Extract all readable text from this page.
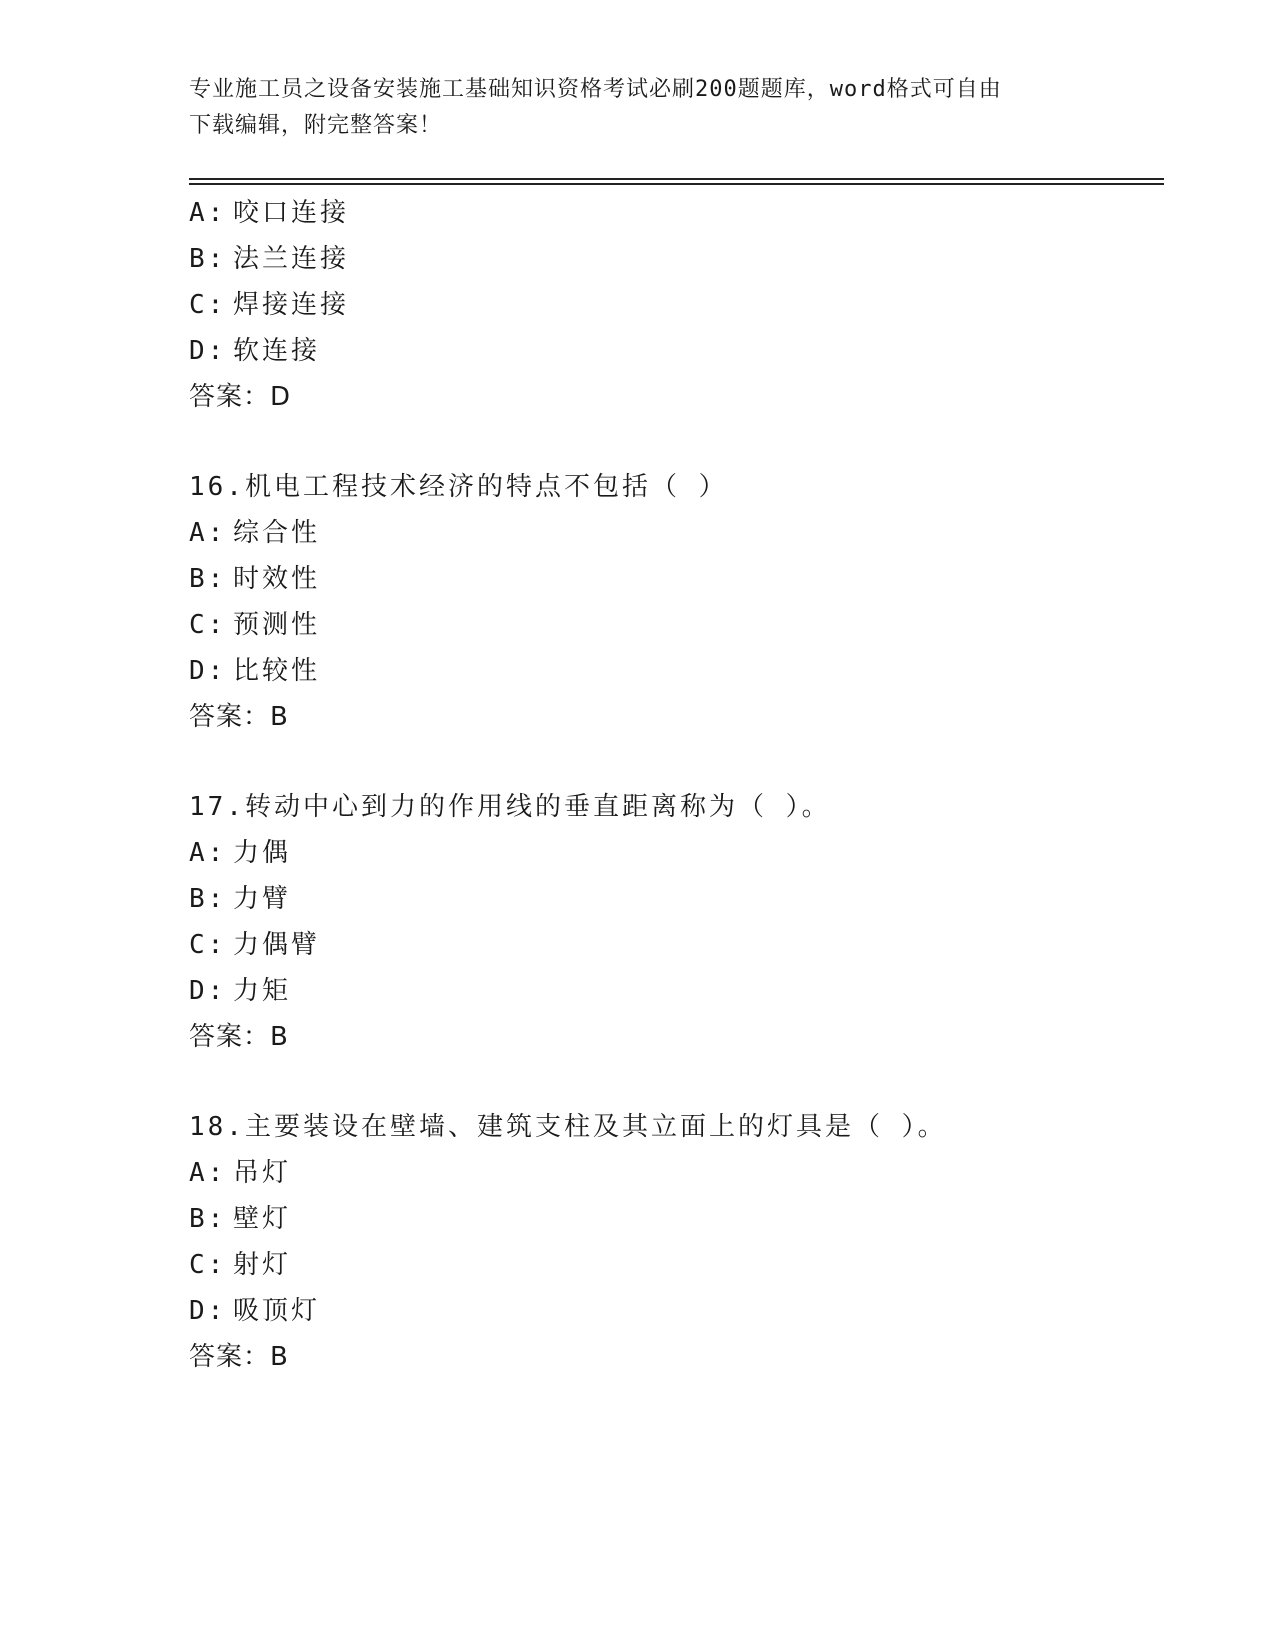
专业施工员之设备安装施工基础知识资格考试必刷200题题库，word格式可自由
下载编辑，附完整答案！
A: 咬口连接
B: 法兰连接
C: 焊接连接
D: 软连接
答案：D
16.机电工程技术经济的特点不包括（ ）
A: 综合性
B: 时效性
C: 预测性
D: 比较性
答案：B
17.转动中心到力的作用线的垂直距离称为（ ）。
A: 力偶
B: 力臂
C: 力偶臂
D: 力矩
答案：B
18.主要装设在壁墙、建筑支柱及其立面上的灯具是（ ）。
A: 吊灯
B: 壁灯
C: 射灯
D: 吸顶灯
答案：B
